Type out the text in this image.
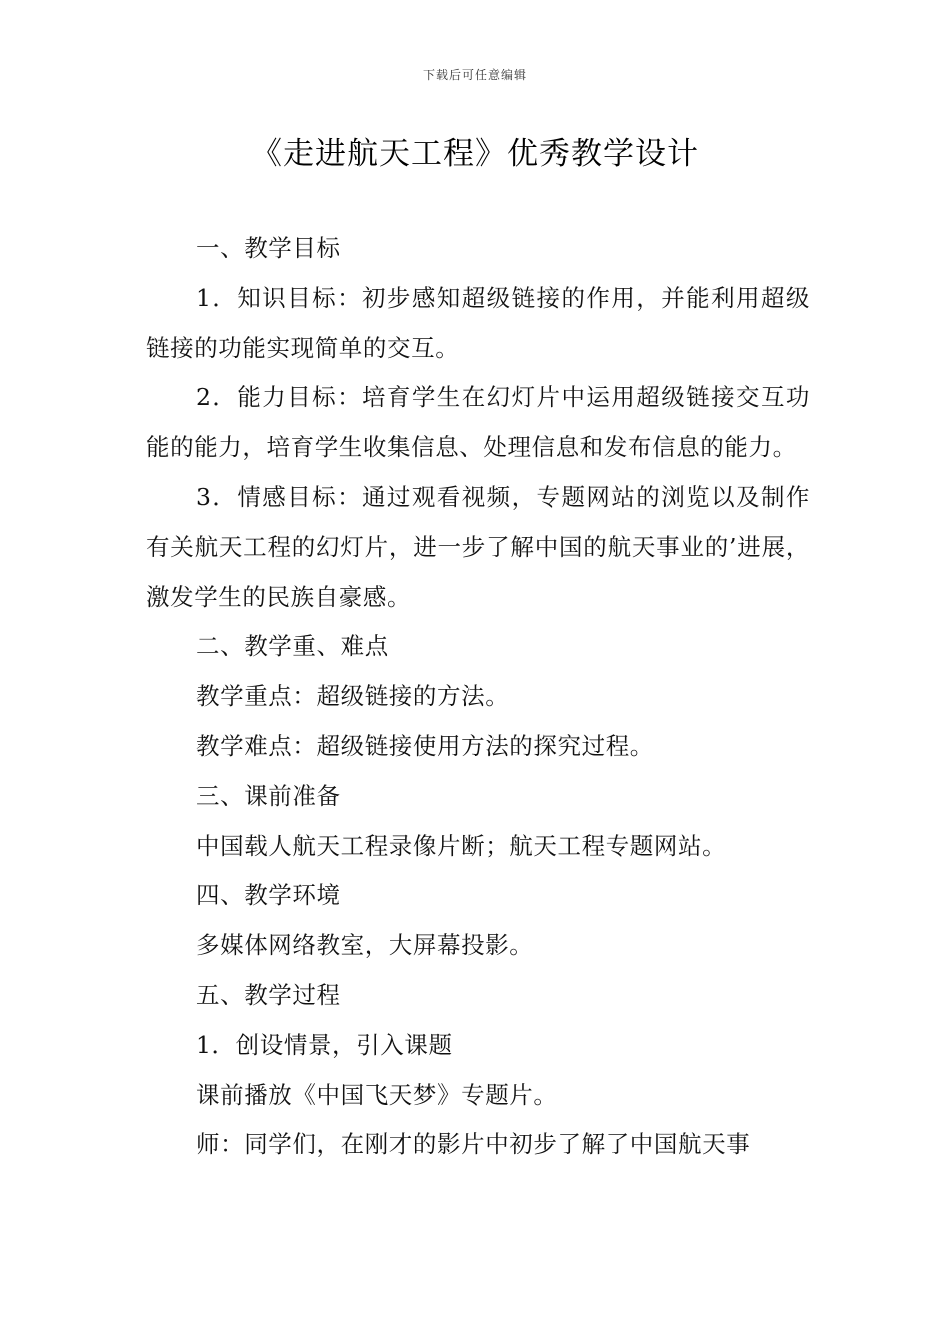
下载后可任意编辑
《走进航天工程》优秀教学设计

一、教学目标

1．知识目标：初步感知超级链接的作用，并能利用超级链接的功能实现简单的交互。

2．能力目标：培育学生在幻灯片中运用超级链接交互功能的能力，培育学生收集信息、处理信息和发布信息的能力。

3．情感目标：通过观看视频，专题网站的浏览以及制作有关航天工程的幻灯片，进一步了解中国的航天事业的’进展，激发学生的民族自豪感。

二、教学重、难点

教学重点：超级链接的方法。

教学难点：超级链接使用方法的探究过程。

三、课前准备

中国载人航天工程录像片断；航天工程专题网站。

四、教学环境

多媒体网络教室，大屏幕投影。

五、教学过程

1．创设情景，引入课题

课前播放《中国飞天梦》专题片。

师：同学们，在刚才的影片中初步了解了中国航天事
